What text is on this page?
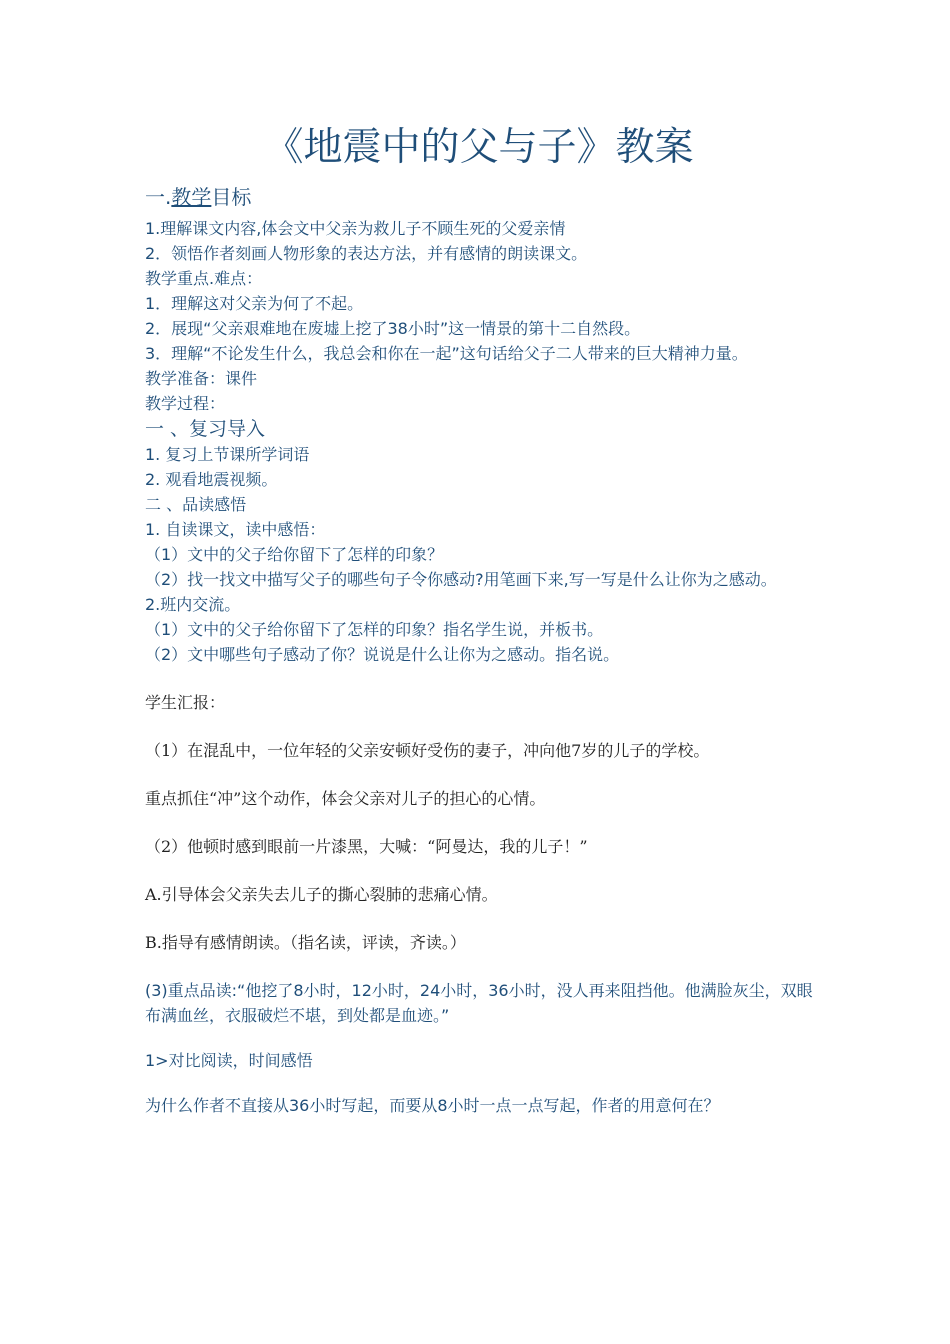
《地震中的父与子》教案
一.教学目标

1.理解课文内容,体会文中父亲为救儿子不顾生死的父爱亲情

2．领悟作者刻画人物形象的表达方法，并有感情的朗读课文。

教学重点.难点：

1．理解这对父亲为何了不起。

2．展现“父亲艰难地在废墟上挖了38小时”这一情景的第十二自然段。

3．理解“不论发生什么，我总会和你在一起”这句话给父子二人带来的巨大精神力量。

教学准备：课件

教学过程：

一 、复习导入

1. 复习上节课所学词语

2. 观看地震视频。

二 、品读感悟

1. 自读课文，读中感悟：

（1）文中的父子给你留下了怎样的印象？

（2）找一找文中描写父子的哪些句子令你感动?用笔画下来,写一写是什么让你为之感动。

2.班内交流。

（1）文中的父子给你留下了怎样的印象？指名学生说，并板书。

（2）文中哪些句子感动了你？说说是什么让你为之感动。指名说。

学生汇报：

（1）在混乱中，一位年轻的父亲安顿好受伤的妻子，冲向他7岁的儿子的学校。

重点抓住“冲”这个动作，体会父亲对儿子的担心的心情。

（2）他顿时感到眼前一片漆黑，大喊：“阿曼达，我的儿子！”

A.引导体会父亲失去儿子的撕心裂肺的悲痛心情。

B.指导有感情朗读。（指名读，评读，齐读。）

(3)重点品读:“他挖了8小时，12小时，24小时，36小时，没人再来阻挡他。他满脸灰尘，双眼布满血丝，衣服破烂不堪，到处都是血迹。”

1>对比阅读，时间感悟

为什么作者不直接从36小时写起，而要从8小时一点一点写起，作者的用意何在？
